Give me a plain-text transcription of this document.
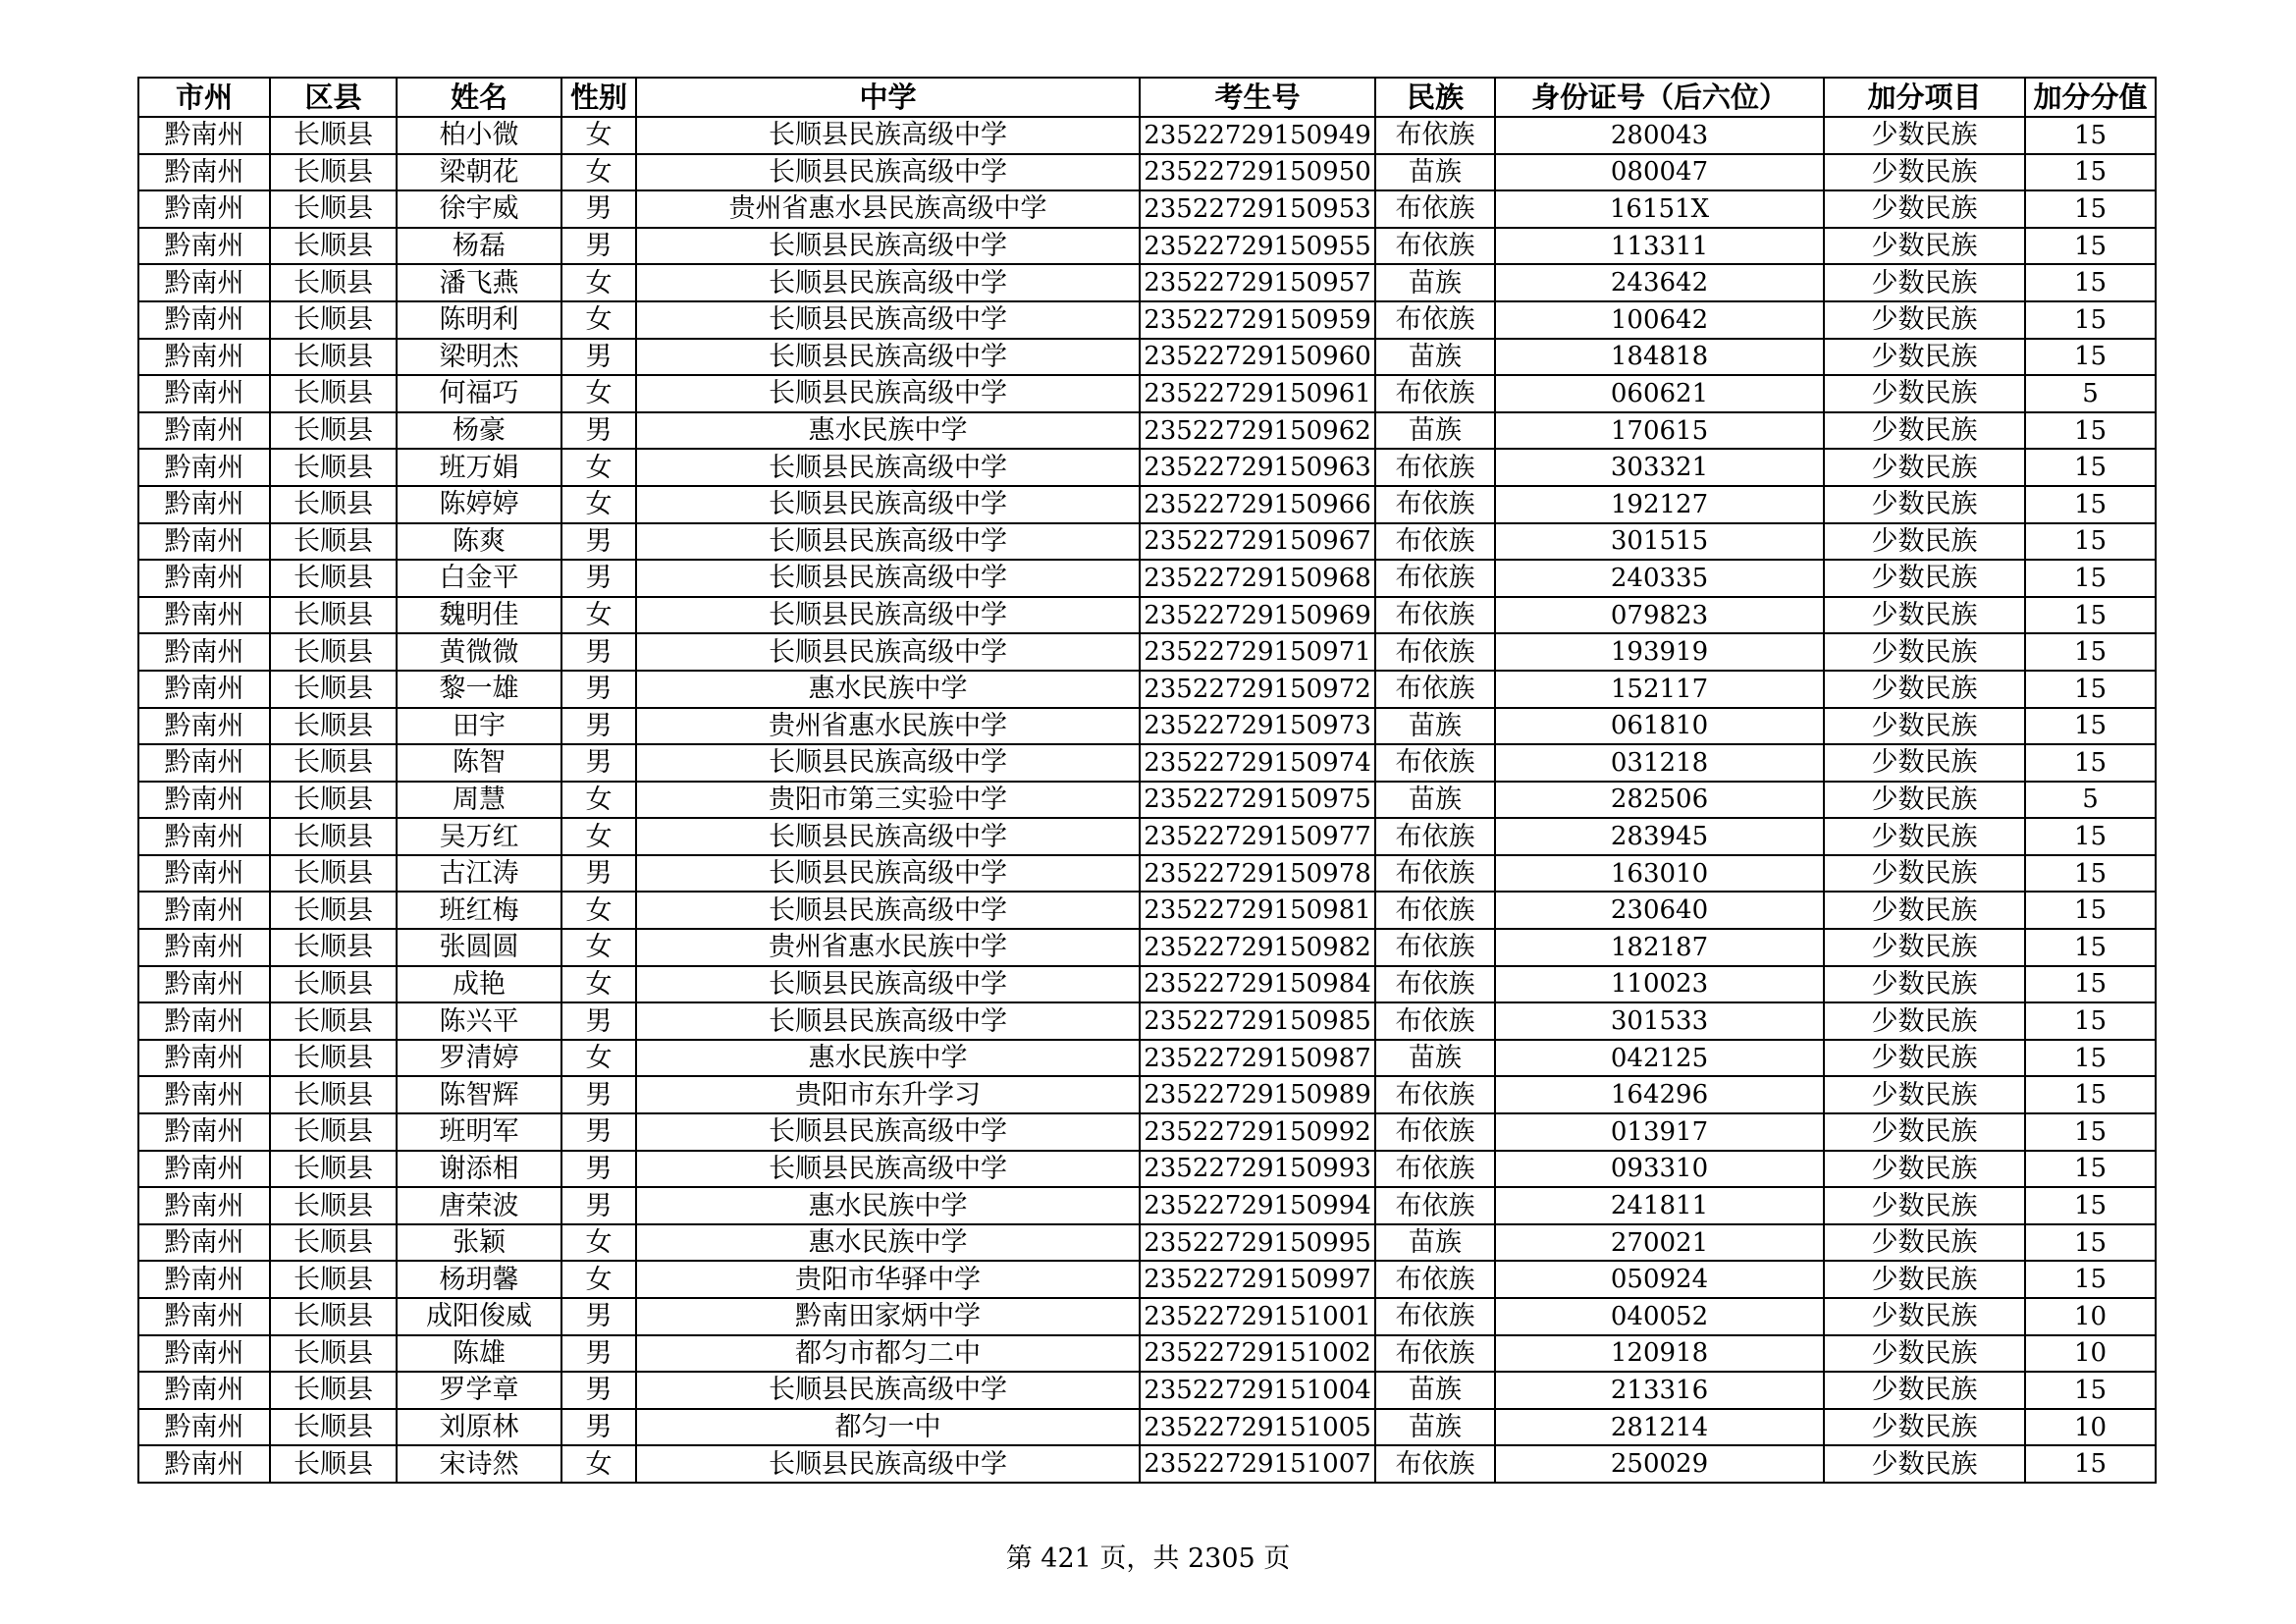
市州	区县	姓名	性别	中学	考生号	民族	身份证号（后六位）	加分项目	加分分值
黔南州	长顺县	柏小微	女	长顺县民族高级中学	23522729150949	布依族	280043	少数民族	15
黔南州	长顺县	梁朝花	女	长顺县民族高级中学	23522729150950	苗族	080047	少数民族	15
黔南州	长顺县	徐宇威	男	贵州省惠水县民族高级中学	23522729150953	布依族	16151X	少数民族	15
黔南州	长顺县	杨磊	男	长顺县民族高级中学	23522729150955	布依族	113311	少数民族	15
黔南州	长顺县	潘飞燕	女	长顺县民族高级中学	23522729150957	苗族	243642	少数民族	15
黔南州	长顺县	陈明利	女	长顺县民族高级中学	23522729150959	布依族	100642	少数民族	15
黔南州	长顺县	梁明杰	男	长顺县民族高级中学	23522729150960	苗族	184818	少数民族	15
黔南州	长顺县	何福巧	女	长顺县民族高级中学	23522729150961	布依族	060621	少数民族	5
黔南州	长顺县	杨豪	男	惠水民族中学	23522729150962	苗族	170615	少数民族	15
黔南州	长顺县	班万娟	女	长顺县民族高级中学	23522729150963	布依族	303321	少数民族	15
黔南州	长顺县	陈婷婷	女	长顺县民族高级中学	23522729150966	布依族	192127	少数民族	15
黔南州	长顺县	陈爽	男	长顺县民族高级中学	23522729150967	布依族	301515	少数民族	15
黔南州	长顺县	白金平	男	长顺县民族高级中学	23522729150968	布依族	240335	少数民族	15
黔南州	长顺县	魏明佳	女	长顺县民族高级中学	23522729150969	布依族	079823	少数民族	15
黔南州	长顺县	黄微微	男	长顺县民族高级中学	23522729150971	布依族	193919	少数民族	15
黔南州	长顺县	黎一雄	男	惠水民族中学	23522729150972	布依族	152117	少数民族	15
黔南州	长顺县	田宇	男	贵州省惠水民族中学	23522729150973	苗族	061810	少数民族	15
黔南州	长顺县	陈智	男	长顺县民族高级中学	23522729150974	布依族	031218	少数民族	15
黔南州	长顺县	周慧	女	贵阳市第三实验中学	23522729150975	苗族	282506	少数民族	5
黔南州	长顺县	吴万红	女	长顺县民族高级中学	23522729150977	布依族	283945	少数民族	15
黔南州	长顺县	古江涛	男	长顺县民族高级中学	23522729150978	布依族	163010	少数民族	15
黔南州	长顺县	班红梅	女	长顺县民族高级中学	23522729150981	布依族	230640	少数民族	15
黔南州	长顺县	张圆圆	女	贵州省惠水民族中学	23522729150982	布依族	182187	少数民族	15
黔南州	长顺县	成艳	女	长顺县民族高级中学	23522729150984	布依族	110023	少数民族	15
黔南州	长顺县	陈兴平	男	长顺县民族高级中学	23522729150985	布依族	301533	少数民族	15
黔南州	长顺县	罗清婷	女	惠水民族中学	23522729150987	苗族	042125	少数民族	15
黔南州	长顺县	陈智辉	男	贵阳市东升学习	23522729150989	布依族	164296	少数民族	15
黔南州	长顺县	班明军	男	长顺县民族高级中学	23522729150992	布依族	013917	少数民族	15
黔南州	长顺县	谢添相	男	长顺县民族高级中学	23522729150993	布依族	093310	少数民族	15
黔南州	长顺县	唐荣波	男	惠水民族中学	23522729150994	布依族	241811	少数民族	15
黔南州	长顺县	张颖	女	惠水民族中学	23522729150995	苗族	270021	少数民族	15
黔南州	长顺县	杨玥馨	女	贵阳市华驿中学	23522729150997	布依族	050924	少数民族	15
黔南州	长顺县	成阳俊威	男	黔南田家炳中学	23522729151001	布依族	040052	少数民族	10
黔南州	长顺县	陈雄	男	都匀市都匀二中	23522729151002	布依族	120918	少数民族	10
黔南州	长顺县	罗学章	男	长顺县民族高级中学	23522729151004	苗族	213316	少数民族	15
黔南州	长顺县	刘原林	男	都匀一中	23522729151005	苗族	281214	少数民族	10
黔南州	长顺县	宋诗然	女	长顺县民族高级中学	23522729151007	布依族	250029	少数民族	15
第 421 页，共 2305 页
